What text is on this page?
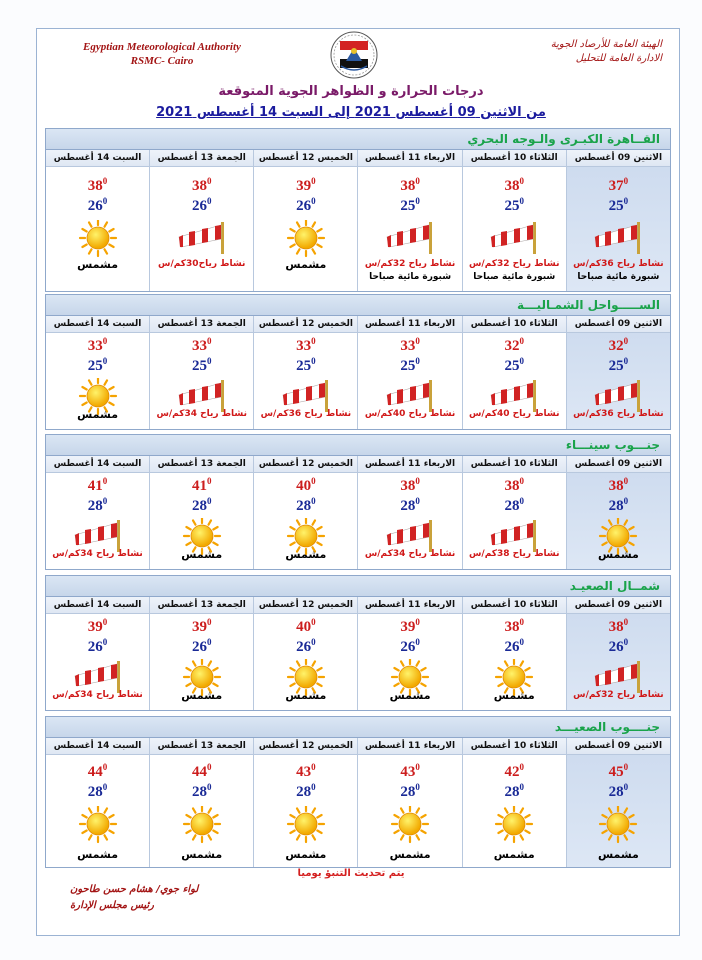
Egyptian Meteorological Authority
RSMC- Cairo
الهيئة العامة للأرصاد الجوية
الادارة العامة للتحليل
درجات الحرارة و الظواهر الجوية المتوقعة
من الاثنين 09 أغسطس 2021 إلى السبت 14 أغسطس 2021
القــاهرة الكبـرى والـوجه البحري
الاثنين 09 أغسطس
$37^0$
$25^0$
نشاط رياح 36كم/س
شبورة مائية صباحا
الثلاثاء 10 أغسطس
$38^0$
$25^0$
نشاط رياح 32كم/س
شبورة مائية صباحا
الاربعاء 11 أغسطس
$38^0$
$25^0$
نشاط رياح 32كم/س
شبورة مائية صباحا
الخميس 12 أغسطس
$39^0$
$26^0$
مشمس
الجمعة 13 أغسطس
$38^0$
$26^0$
نشاط رياح30كم/س
السبت 14 أغسطس
$38^0$
$26^0$
مشمس
الســـــواحل الشمـاليـــة
الاثنين 09 أغسطس
$32^0$
$25^0$
نشاط رياح 36كم/س
الثلاثاء 10 أغسطس
$32^0$
$25^0$
نشاط رياح 40كم/س
الاربعاء 11 أغسطس
$33^0$
$25^0$
نشاط رياح 40كم/س
الخميس 12 أغسطس
$33^0$
$25^0$
نشاط رياح 36كم/س
الجمعة 13 أغسطس
$33^0$
$25^0$
نشاط رياح 34كم/س
السبت 14 أغسطس
$33^0$
$25^0$
مشمس
جنـــوب سينـــاء
الاثنين 09 أغسطس
$38^0$
$28^0$
مشمس
الثلاثاء 10 أغسطس
$38^0$
$28^0$
نشاط رياح 38كم/س
الاربعاء 11 أغسطس
$38^0$
$28^0$
نشاط رياح 34كم/س
الخميس 12 أغسطس
$40^0$
$28^0$
مشمس
الجمعة 13 أغسطس
$41^0$
$28^0$
مشمس
السبت 14 أغسطس
$41^0$
$28^0$
نشاط رياح 34كم/س
شمــال الصعيـد
الاثنين 09 أغسطس
$38^0$
$26^0$
نشاط رياح 32كم/س
الثلاثاء 10 أغسطس
$38^0$
$26^0$
مشمس
الاربعاء 11 أغسطس
$39^0$
$26^0$
مشمس
الخميس 12 أغسطس
$40^0$
$26^0$
مشمس
الجمعة 13 أغسطس
$39^0$
$26^0$
مشمس
السبت 14 أغسطس
$39^0$
$26^0$
نشاط رياح 34كم/س
جنــــوب الصعيـــد
الاثنين 09 أغسطس
$45^0$
$28^0$
مشمس
الثلاثاء 10 أغسطس
$42^0$
$28^0$
مشمس
الاربعاء 11 أغسطس
$43^0$
$28^0$
مشمس
الخميس 12 أغسطس
$43^0$
$28^0$
مشمس
الجمعة 13 أغسطس
$44^0$
$28^0$
مشمس
السبت 14 أغسطس
$44^0$
$28^0$
مشمس
يتم تحديث التنبؤ يوميا
لواء جوي/ هشام حسن طاحون
رئيس مجلس الإدارة
